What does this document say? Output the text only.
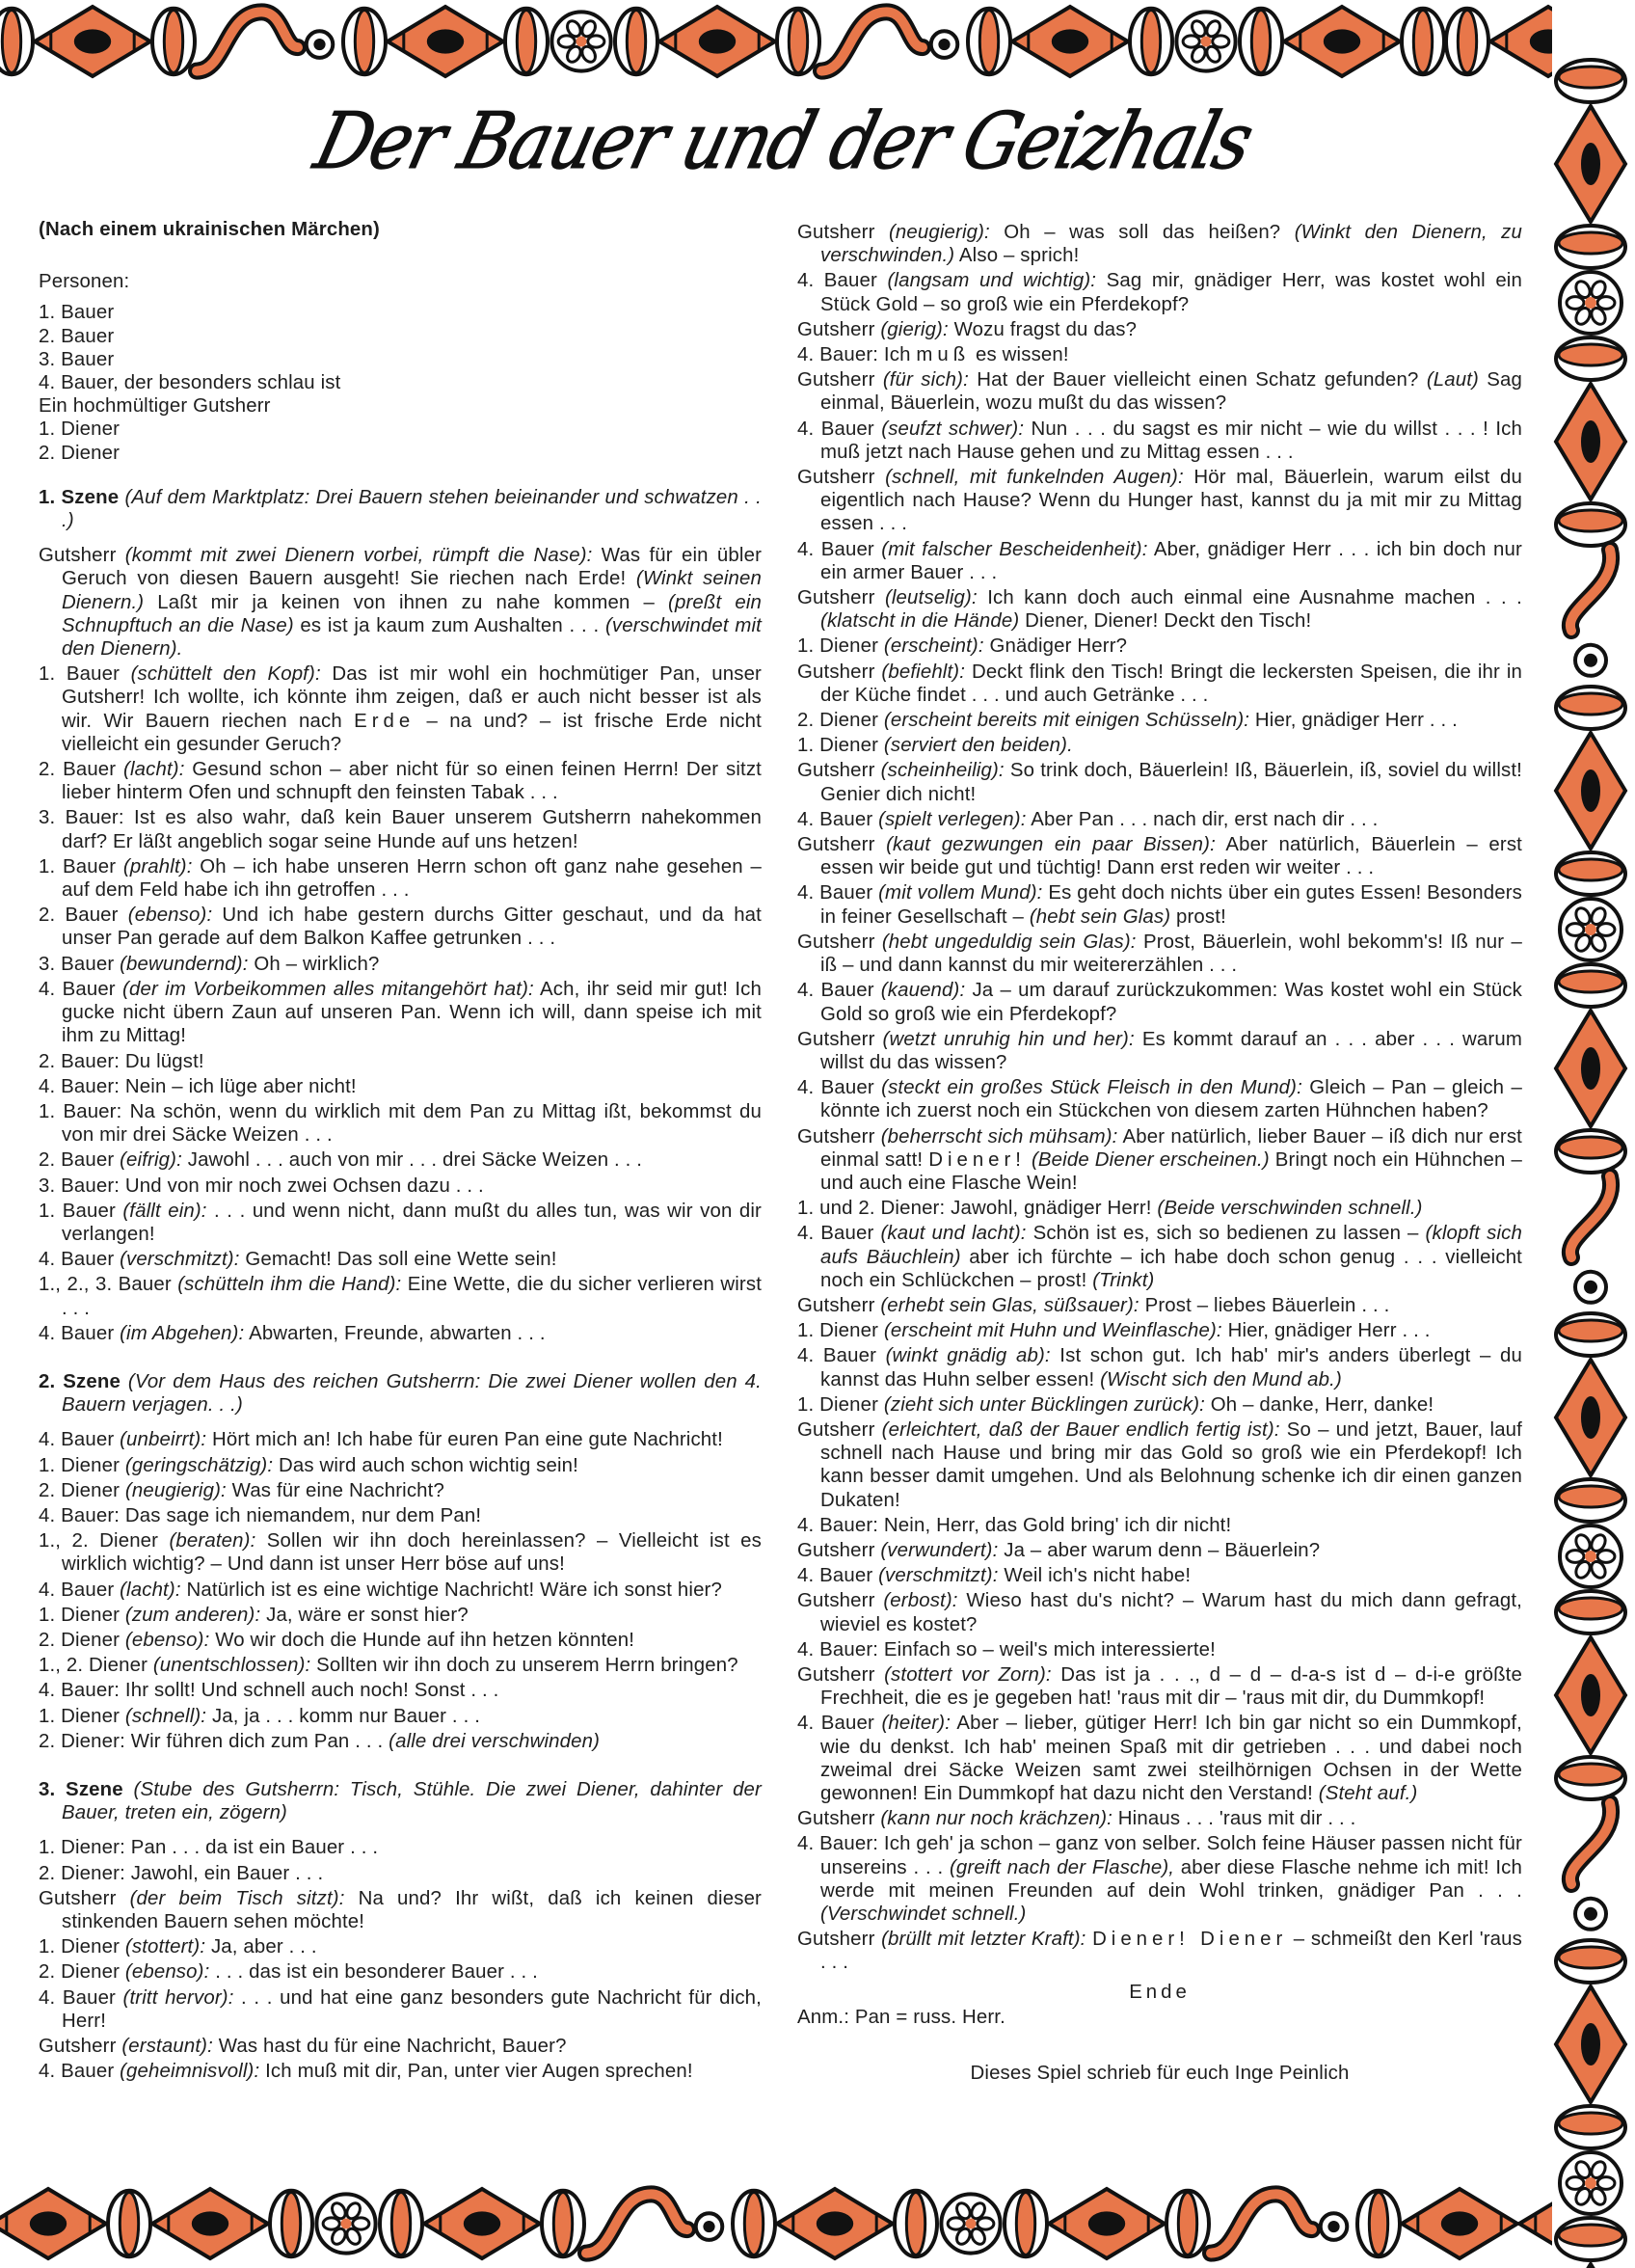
Der Bauer und der Geizhals

(Nach einem ukrainischen Märchen)

Personen:

1. Bauer

2. Bauer

3. Bauer

4. Bauer, der besonders schlau ist

Ein hochmültiger Gutsherr

1. Diener

2. Diener

1. Szene (Auf dem Marktplatz: Drei Bauern stehen beieinander und schwatzen . . .)

Gutsherr (kommt mit zwei Dienern vorbei, rümpft die Nase): Was für ein übler Geruch von diesen Bauern ausgeht! Sie riechen nach Erde! (Winkt seinen Dienern.) Laßt mir ja keinen von ihnen zu nahe kommen – (preßt ein Schnupftuch an die Nase) es ist ja kaum zum Aushalten . . . (verschwindet mit den Dienern).

1. Bauer (schüttelt den Kopf): Das ist mir wohl ein hochmütiger Pan, unser Gutsherr! Ich wollte, ich könnte ihm zeigen, daß er auch nicht besser ist als wir. Wir Bauern riechen nach Erde – na und? – ist frische Erde nicht vielleicht ein gesunder Geruch?

2. Bauer (lacht): Gesund schon – aber nicht für so einen feinen Herrn! Der sitzt lieber hinterm Ofen und schnupft den feinsten Tabak . . .

3. Bauer: Ist es also wahr, daß kein Bauer unserem Gutsherrn nahekommen darf? Er läßt angeblich sogar seine Hunde auf uns hetzen!

1. Bauer (prahlt): Oh – ich habe unseren Herrn schon oft ganz nahe gesehen – auf dem Feld habe ich ihn getroffen . . .

2. Bauer (ebenso): Und ich habe gestern durchs Gitter geschaut, und da hat unser Pan gerade auf dem Balkon Kaffee getrunken . . .

3. Bauer (bewundernd): Oh – wirklich?

4. Bauer (der im Vorbeikommen alles mitangehört hat): Ach, ihr seid mir gut! Ich gucke nicht übern Zaun auf unseren Pan. Wenn ich will, dann speise ich mit ihm zu Mittag!

2. Bauer: Du lügst!

4. Bauer: Nein – ich lüge aber nicht!

1. Bauer: Na schön, wenn du wirklich mit dem Pan zu Mittag ißt, bekommst du von mir drei Säcke Weizen . . .

2. Bauer (eifrig): Jawohl . . . auch von mir . . . drei Säcke Weizen . . .

3. Bauer: Und von mir noch zwei Ochsen dazu . . .

1. Bauer (fällt ein): . . . und wenn nicht, dann mußt du alles tun, was wir von dir verlangen!

4. Bauer (verschmitzt): Gemacht! Das soll eine Wette sein!

1., 2., 3. Bauer (schütteln ihm die Hand): Eine Wette, die du sicher verlieren wirst . . .

4. Bauer (im Abgehen): Abwarten, Freunde, abwarten . . .

2. Szene (Vor dem Haus des reichen Gutsherrn: Die zwei Diener wollen den 4. Bauern verjagen. . .)

4. Bauer (unbeirrt): Hört mich an! Ich habe für euren Pan eine gute Nachricht!

1. Diener (geringschätzig): Das wird auch schon wichtig sein!

2. Diener (neugierig): Was für eine Nachricht?

4. Bauer: Das sage ich niemandem, nur dem Pan!

1., 2. Diener (beraten): Sollen wir ihn doch hereinlassen? – Vielleicht ist es wirklich wichtig? – Und dann ist unser Herr böse auf uns!

4. Bauer (lacht): Natürlich ist es eine wichtige Nachricht! Wäre ich sonst hier?

1. Diener (zum anderen): Ja, wäre er sonst hier?

2. Diener (ebenso): Wo wir doch die Hunde auf ihn hetzen könnten!

1., 2. Diener (unentschlossen): Sollten wir ihn doch zu unserem Herrn bringen?

4. Bauer: Ihr sollt! Und schnell auch noch! Sonst . . .

1. Diener (schnell): Ja, ja . . . komm nur Bauer . . .

2. Diener: Wir führen dich zum Pan . . . (alle drei verschwinden)

3. Szene (Stube des Gutsherrn: Tisch, Stühle. Die zwei Diener, dahinter der Bauer, treten ein, zögern)

1. Diener: Pan . . . da ist ein Bauer . . .

2. Diener: Jawohl, ein Bauer . . .

Gutsherr (der beim Tisch sitzt): Na und? Ihr wißt, daß ich keinen dieser stinkenden Bauern sehen möchte!

1. Diener (stottert): Ja, aber . . .

2. Diener (ebenso): . . . das ist ein besonderer Bauer . . .

4. Bauer (tritt hervor): . . . und hat eine ganz besonders gute Nachricht für dich, Herr!

Gutsherr (erstaunt): Was hast du für eine Nachricht, Bauer?

4. Bauer (geheimnisvoll): Ich muß mit dir, Pan, unter vier Augen sprechen!

Gutsherr (neugierig): Oh – was soll das heißen? (Winkt den Dienern, zu verschwinden.) Also – sprich!

4. Bauer (langsam und wichtig): Sag mir, gnädiger Herr, was kostet wohl ein Stück Gold – so groß wie ein Pferdekopf?

Gutsherr (gierig): Wozu fragst du das?

4. Bauer: Ich muß es wissen!

Gutsherr (für sich): Hat der Bauer vielleicht einen Schatz gefunden? (Laut) Sag einmal, Bäuerlein, wozu mußt du das wissen?

4. Bauer (seufzt schwer): Nun . . . du sagst es mir nicht – wie du willst . . . ! Ich muß jetzt nach Hause gehen und zu Mittag essen . . .

Gutsherr (schnell, mit funkelnden Augen): Hör mal, Bäuerlein, warum eilst du eigentlich nach Hause? Wenn du Hunger hast, kannst du ja mit mir zu Mittag essen . . .

4. Bauer (mit falscher Bescheidenheit): Aber, gnädiger Herr . . . ich bin doch nur ein armer Bauer . . .

Gutsherr (leutselig): Ich kann doch auch einmal eine Ausnahme machen . . . (klatscht in die Hände) Diener, Diener! Deckt den Tisch!

1. Diener (erscheint): Gnädiger Herr?

Gutsherr (befiehlt): Deckt flink den Tisch! Bringt die leckersten Speisen, die ihr in der Küche findet . . . und auch Getränke . . .

2. Diener (erscheint bereits mit einigen Schüsseln): Hier, gnädiger Herr . . .

1. Diener (serviert den beiden).

Gutsherr (scheinheilig): So trink doch, Bäuerlein! Iß, Bäuerlein, iß, soviel du willst! Genier dich nicht!

4. Bauer (spielt verlegen): Aber Pan . . . nach dir, erst nach dir . . .

Gutsherr (kaut gezwungen ein paar Bissen): Aber natürlich, Bäuerlein – erst essen wir beide gut und tüchtig! Dann erst reden wir weiter . . .

4. Bauer (mit vollem Mund): Es geht doch nichts über ein gutes Essen! Besonders in feiner Gesellschaft – (hebt sein Glas) prost!

Gutsherr (hebt ungeduldig sein Glas): Prost, Bäuerlein, wohl bekomm's! Iß nur – iß – und dann kannst du mir weitererzählen . . .

4. Bauer (kauend): Ja – um darauf zurückzukommen: Was kostet wohl ein Stück Gold so groß wie ein Pferdekopf?

Gutsherr (wetzt unruhig hin und her): Es kommt darauf an . . . aber . . . warum willst du das wissen?

4. Bauer (steckt ein großes Stück Fleisch in den Mund): Gleich – Pan – gleich – könnte ich zuerst noch ein Stückchen von diesem zarten Hühnchen haben?

Gutsherr (beherrscht sich mühsam): Aber natürlich, lieber Bauer – iß dich nur erst einmal satt! Diener! (Beide Diener erscheinen.) Bringt noch ein Hühnchen – und auch eine Flasche Wein!

1. und 2. Diener: Jawohl, gnädiger Herr! (Beide verschwinden schnell.)

4. Bauer (kaut und lacht): Schön ist es, sich so bedienen zu lassen – (klopft sich aufs Bäuchlein) aber ich fürchte – ich habe doch schon genug . . . vielleicht noch ein Schlückchen – prost! (Trinkt)

Gutsherr (erhebt sein Glas, süßsauer): Prost – liebes Bäuerlein . . .

1. Diener (erscheint mit Huhn und Weinflasche): Hier, gnädiger Herr . . .

4. Bauer (winkt gnädig ab): Ist schon gut. Ich hab' mir's anders überlegt – du kannst das Huhn selber essen! (Wischt sich den Mund ab.)

1. Diener (zieht sich unter Bücklingen zurück): Oh – danke, Herr, danke!

Gutsherr (erleichtert, daß der Bauer endlich fertig ist): So – und jetzt, Bauer, lauf schnell nach Hause und bring mir das Gold so groß wie ein Pferdekopf! Ich kann besser damit umgehen. Und als Belohnung schenke ich dir einen ganzen Dukaten!

4. Bauer: Nein, Herr, das Gold bring' ich dir nicht!

Gutsherr (verwundert): Ja – aber warum denn – Bäuerlein?

4. Bauer (verschmitzt): Weil ich's nicht habe!

Gutsherr (erbost): Wieso hast du's nicht? – Warum hast du mich dann gefragt, wieviel es kostet?

4. Bauer: Einfach so – weil's mich interessierte!

Gutsherr (stottert vor Zorn): Das ist ja . . ., d – d – d-a-s ist d – d-i-e größte Frechheit, die es je gegeben hat! 'raus mit dir – 'raus mit dir, du Dummkopf!

4. Bauer (heiter): Aber – lieber, gütiger Herr! Ich bin gar nicht so ein Dummkopf, wie du denkst. Ich hab' meinen Spaß mit dir getrieben . . . und dabei noch zweimal drei Säcke Weizen samt zwei steilhörnigen Ochsen in der Wette gewonnen! Ein Dummkopf hat dazu nicht den Verstand! (Steht auf.)

Gutsherr (kann nur noch krächzen): Hinaus . . . 'raus mit dir . . .

4. Bauer: Ich geh' ja schon – ganz von selber. Solch feine Häuser passen nicht für unsereins . . . (greift nach der Flasche), aber diese Flasche nehme ich mit! Ich werde mit meinen Freunden auf dein Wohl trinken, gnädiger Pan . . . (Verschwindet schnell.)

Gutsherr (brüllt mit letzter Kraft): Diener! Diener – schmeißt den Kerl 'raus . . .

Ende

Anm.: Pan = russ. Herr.

Dieses Spiel schrieb für euch Inge Peinlich
